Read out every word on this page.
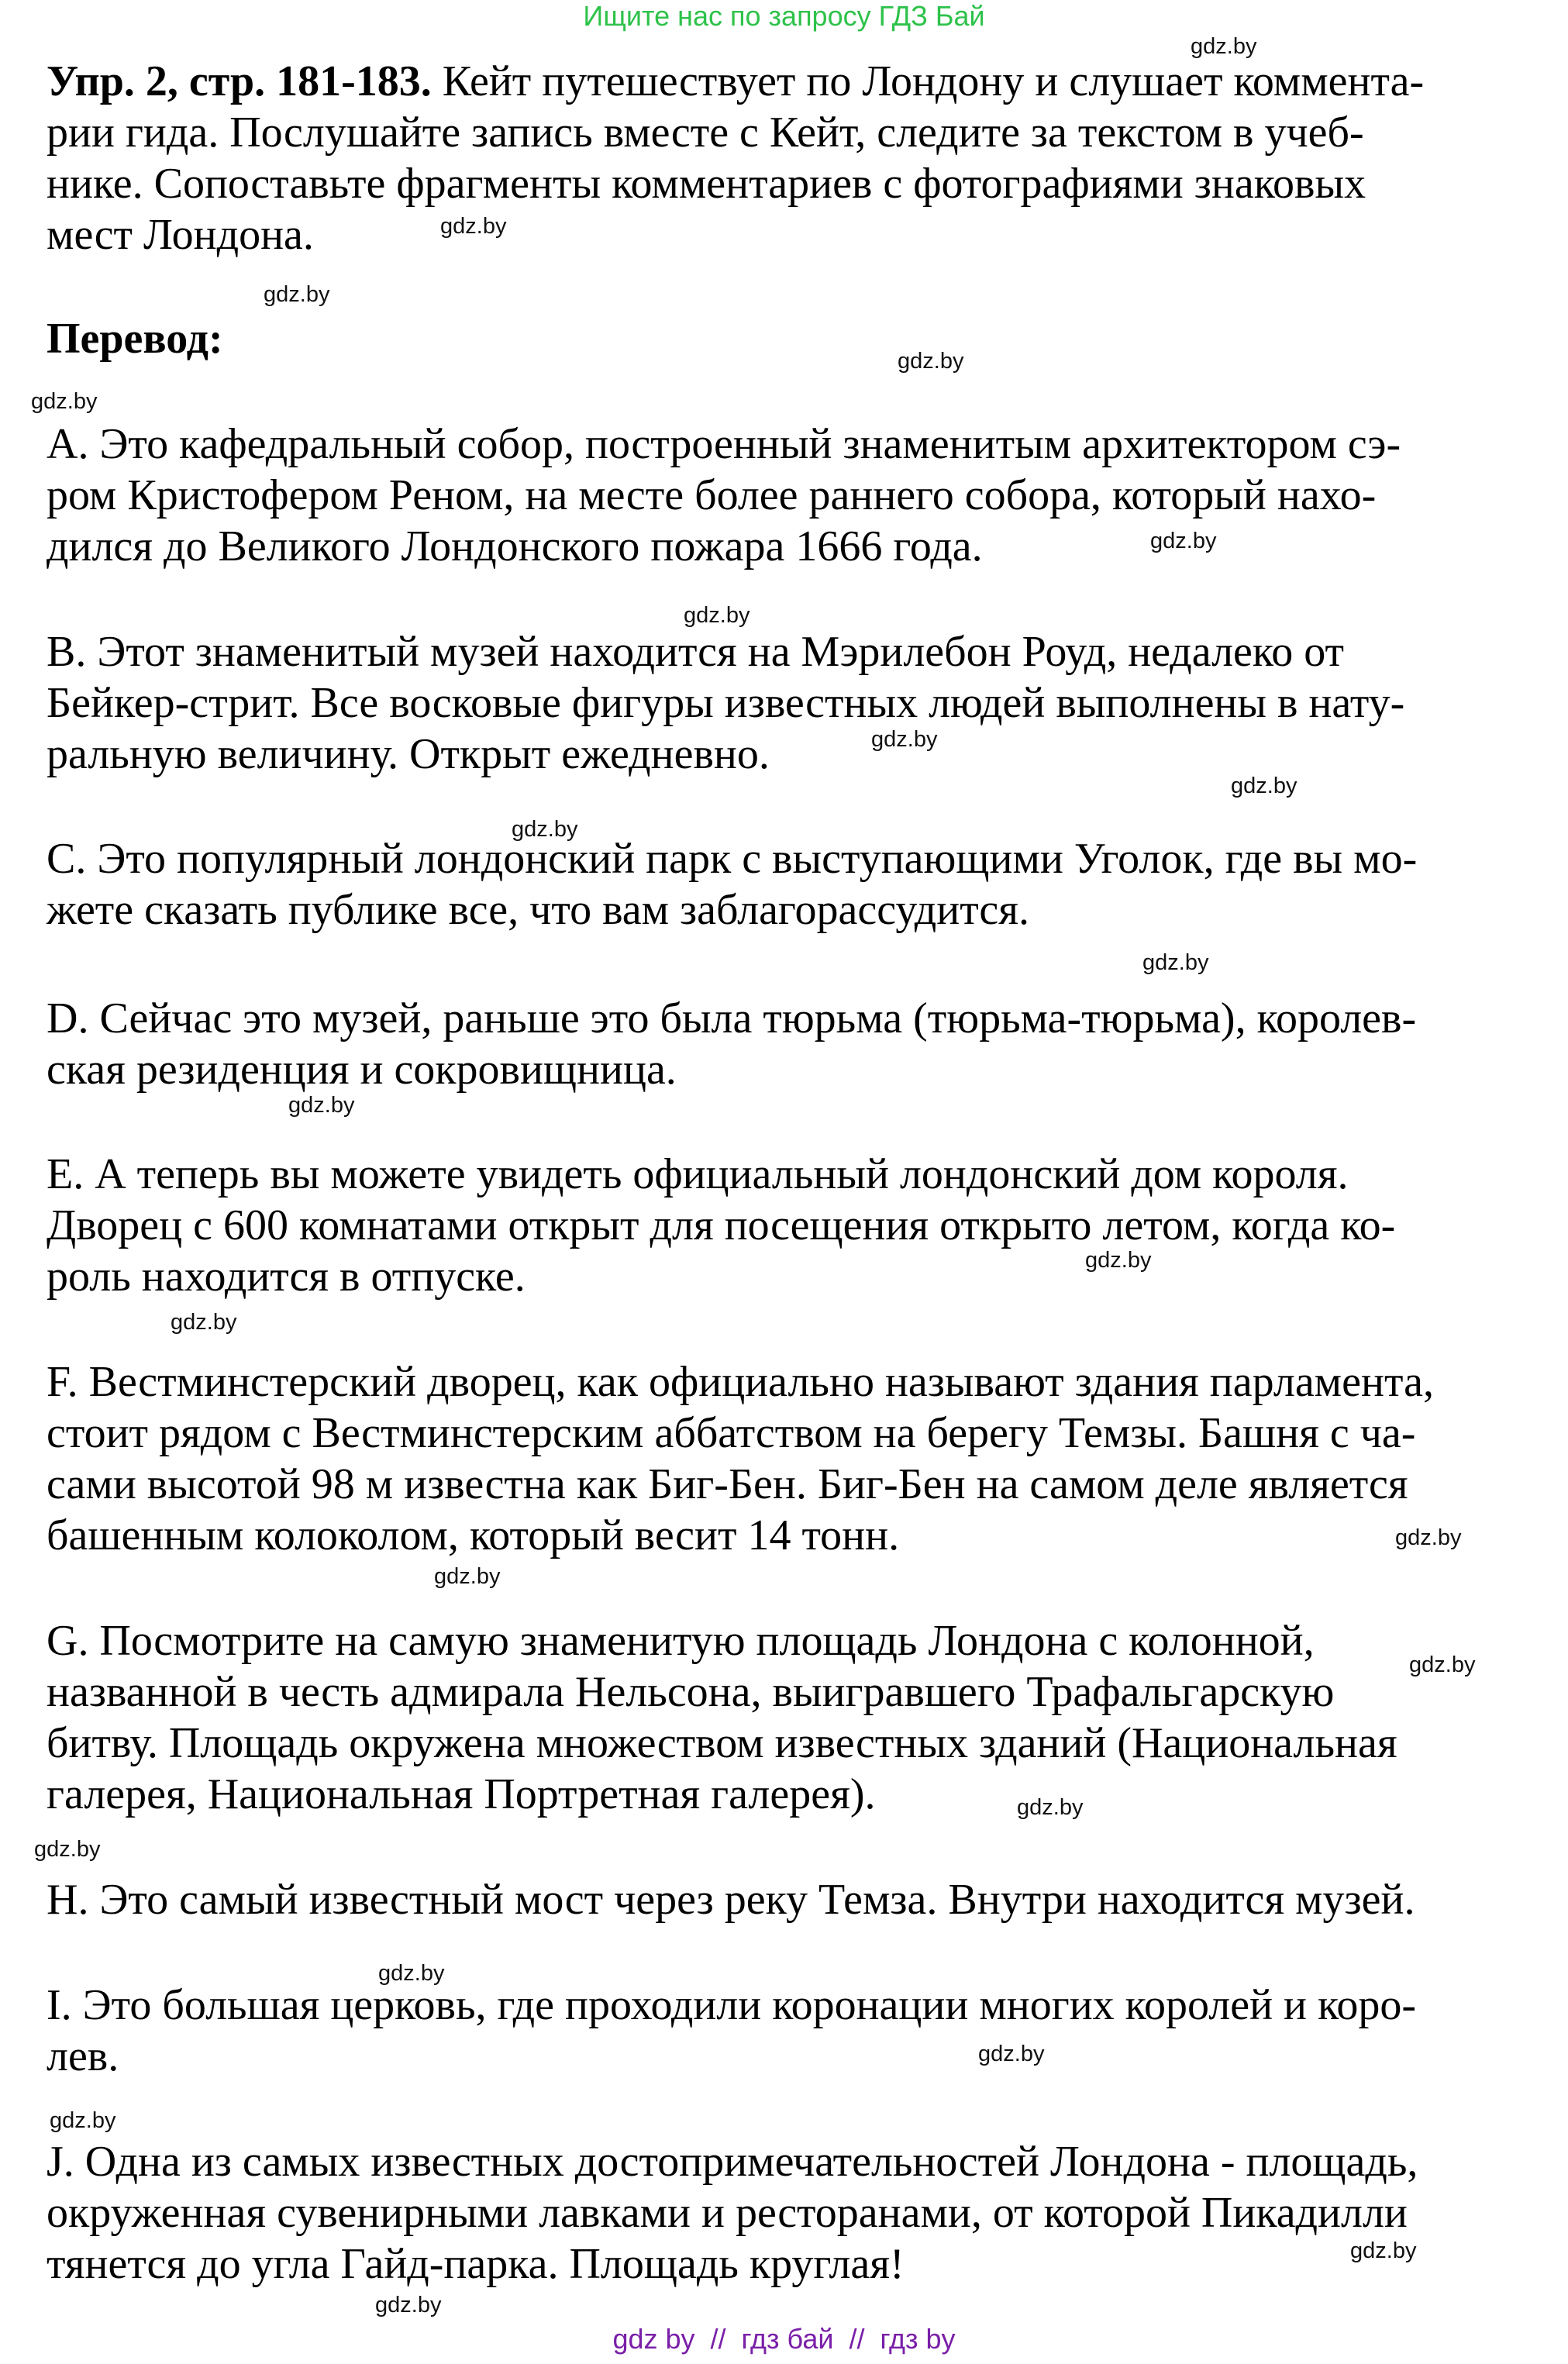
Ищите нас по запросу ГДЗ Бай
Упр. 2, стр. 181-183. Кейт путешествует по Лондону и слушает коммента-
рии гида. Послушайте запись вместе с Кейт, следите за текстом в учеб-
нике. Сопоставьте фрагменты комментариев с фотографиями знаковых
мест Лондона.
Перевод:
A. Это кафедральный собор, построенный знаменитым архитектором сэ-
ром Кристофером Реном, на месте более раннего собора, который нахо-
дился до Великого Лондонского пожара 1666 года.
B. Этот знаменитый музей находится на Мэрилебон Роуд, недалеко от
Бейкер-стрит. Все восковые фигуры известных людей выполнены в нату-
ральную величину. Открыт ежедневно.
C. Это популярный лондонский парк с выступающими Уголок, где вы мо-
жете сказать публике все, что вам заблагорассудится.
D. Сейчас это музей, раньше это была тюрьма (тюрьма-тюрьма), королев-
ская резиденция и сокровищница.
E. А теперь вы можете увидеть официальный лондонский дом короля.
Дворец с 600 комнатами открыт для посещения открыто летом, когда ко-
роль находится в отпуске.
F. Вестминстерский дворец, как официально называют здания парламента,
стоит рядом с Вестминстерским аббатством на берегу Темзы. Башня с ча-
сами высотой 98 м известна как Биг-Бен. Биг-Бен на самом деле является
башенным колоколом, который весит 14 тонн.
G. Посмотрите на самую знаменитую площадь Лондона с колонной,
названной в честь адмирала Нельсона, выигравшего Трафальгарскую
битву. Площадь окружена множеством известных зданий (Национальная
галерея, Национальная Портретная галерея).
H. Это самый известный мост через реку Темза. Внутри находится музей.
I. Это большая церковь, где проходили коронации многих королей и коро-
лев.
J. Одна из самых известных достопримечательностей Лондона - площадь,
окруженная сувенирными лавками и ресторанами, от которой Пикадилли
тянется до угла Гайд-парка. Площадь круглая!
gdz.by
gdz.by
gdz.by
gdz.by
gdz.by
gdz.by
gdz.by
gdz.by
gdz.by
gdz.by
gdz.by
gdz.by
gdz.by
gdz.by
gdz.by
gdz.by
gdz.by
gdz.by
gdz.by
gdz.by
gdz.by
gdz.by
gdz.by
gdz.by
gdz by  //  гдз бай  //  гдз by
